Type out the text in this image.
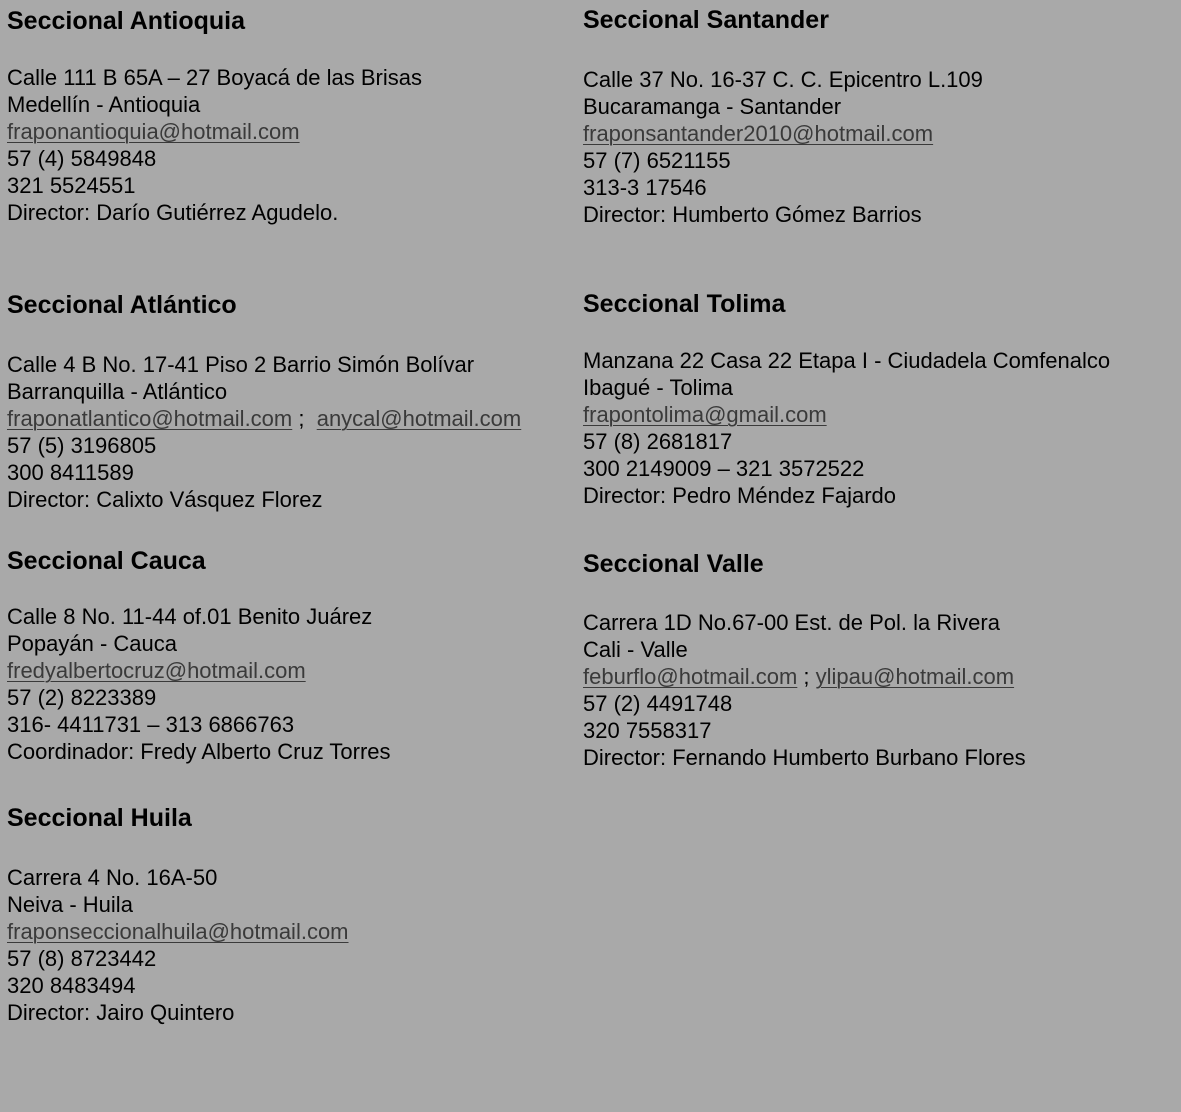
Seccional Antioquia
Calle 111 B 65A – 27 Boyacá de las Brisas
Medellín - Antioquia
fraponantioquia@hotmail.com
57 (4) 5849848
321 5524551
Director: Darío Gutiérrez Agudelo.
Seccional Santander
Calle 37 No. 16-37 C. C. Epicentro L.109
Bucaramanga - Santander
fraponsantander2010@hotmail.com
57 (7) 6521155
313-3 17546
Director: Humberto Gómez Barrios
Seccional Atlántico
Calle 4 B No. 17-41 Piso 2 Barrio Simón Bolívar
Barranquilla - Atlántico
fraponatlantico@hotmail.com ;  anycal@hotmail.com
57 (5) 3196805
300 8411589
Director: Calixto Vásquez Florez
Seccional Tolima
Manzana 22 Casa 22 Etapa I - Ciudadela Comfenalco
Ibagué - Tolima
frapontolima@gmail.com
57 (8) 2681817
300 2149009 – 321 3572522
Director: Pedro Méndez Fajardo
Seccional Cauca
Calle 8 No. 11-44 of.01 Benito Juárez
Popayán - Cauca
fredyalbertocruz@hotmail.com
57 (2) 8223389
316- 4411731 – 313 6866763
Coordinador: Fredy Alberto Cruz Torres
Seccional Valle
Carrera 1D No.67-00 Est. de Pol. la Rivera
Cali - Valle
feburflo@hotmail.com ; ylipau@hotmail.com
57 (2) 4491748
320 7558317
Director: Fernando Humberto Burbano Flores
Seccional Huila
Carrera 4 No. 16A-50
Neiva - Huila
fraponseccionalhuila@hotmail.com
57 (8) 8723442
320 8483494
Director: Jairo Quintero
